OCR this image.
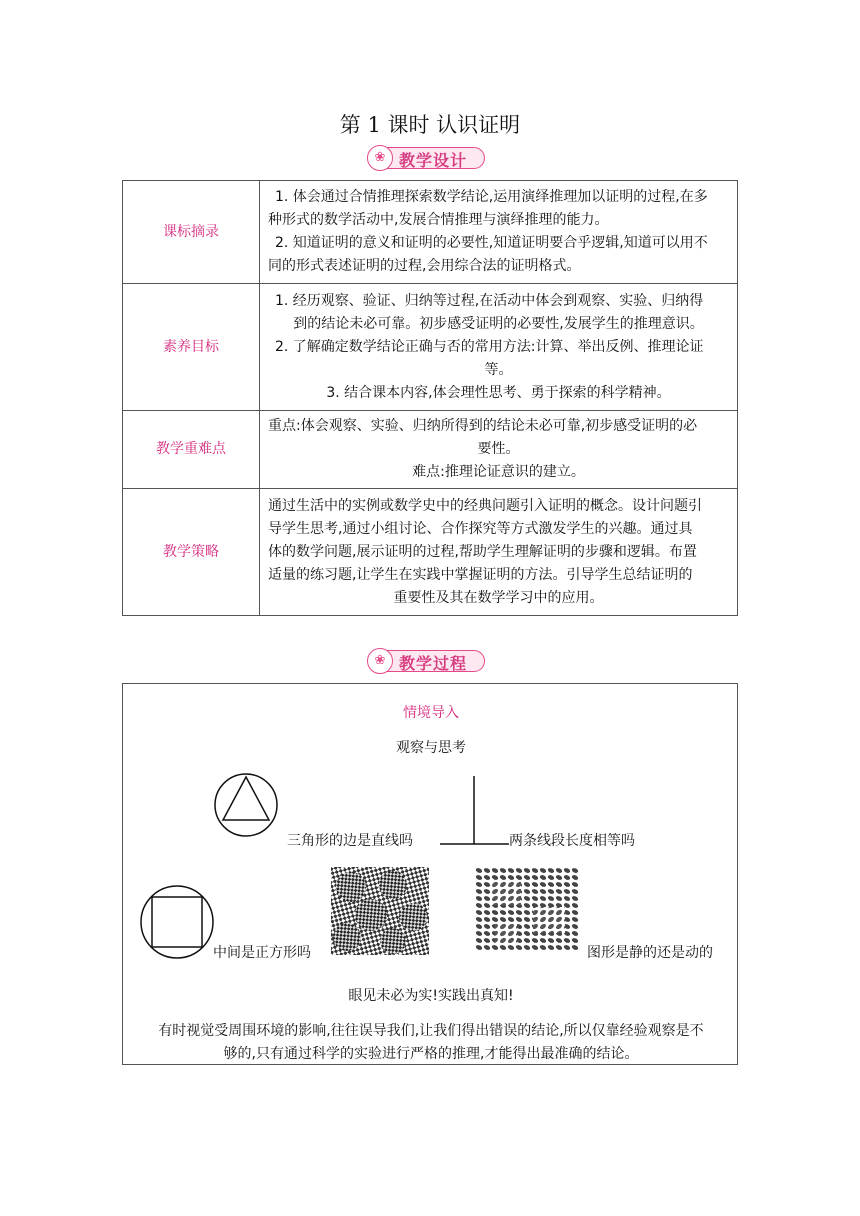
第 1 课时 认识证明
❀ 教学设计
课标摘录	1. 体会通过合情推理探索数学结论,运用演绎推理加以证明的过程,在多
种形式的数学活动中,发展合情推理与演绎推理的能力。
2. 知道证明的意义和证明的必要性,知道证明要合乎逻辑,知道可以用不
同的形式表述证明的过程,会用综合法的证明格式。

素养目标	1. 经历观察、验证、归纳等过程,在活动中体会到观察、实验、归纳得
到的结论未必可靠。初步感受证明的必要性,发展学生的推理意识。
2. 了解确定数学结论正确与否的常用方法:计算、举出反例、推理论证
等。
3. 结合课本内容,体会理性思考、勇于探索的科学精神。

教学重难点	重点:体会观察、实验、归纳所得到的结论未必可靠,初步感受证明的必
要性。
难点:推理论证意识的建立。

教学策略	通过生活中的实例或数学史中的经典问题引入证明的概念。设计问题引
导学生思考,通过小组讨论、合作探究等方式激发学生的兴趣。通过具
体的数学问题,展示证明的过程,帮助学生理解证明的步骤和逻辑。布置
适量的练习题,让学生在实践中掌握证明的方法。引导学生总结证明的
重要性及其在数学学习中的应用。
❀ 教学过程
情境导入
观察与思考
三角形的边是直线吗	两条线段长度相等吗
中间是正方形吗	图形是静的还是动的
眼见未必为实!实践出真知!
有时视觉受周围环境的影响,往往误导我们,让我们得出错误的结论,所以仅靠经验观察是不
够的,只有通过科学的实验进行严格的推理,才能得出最准确的结论。
